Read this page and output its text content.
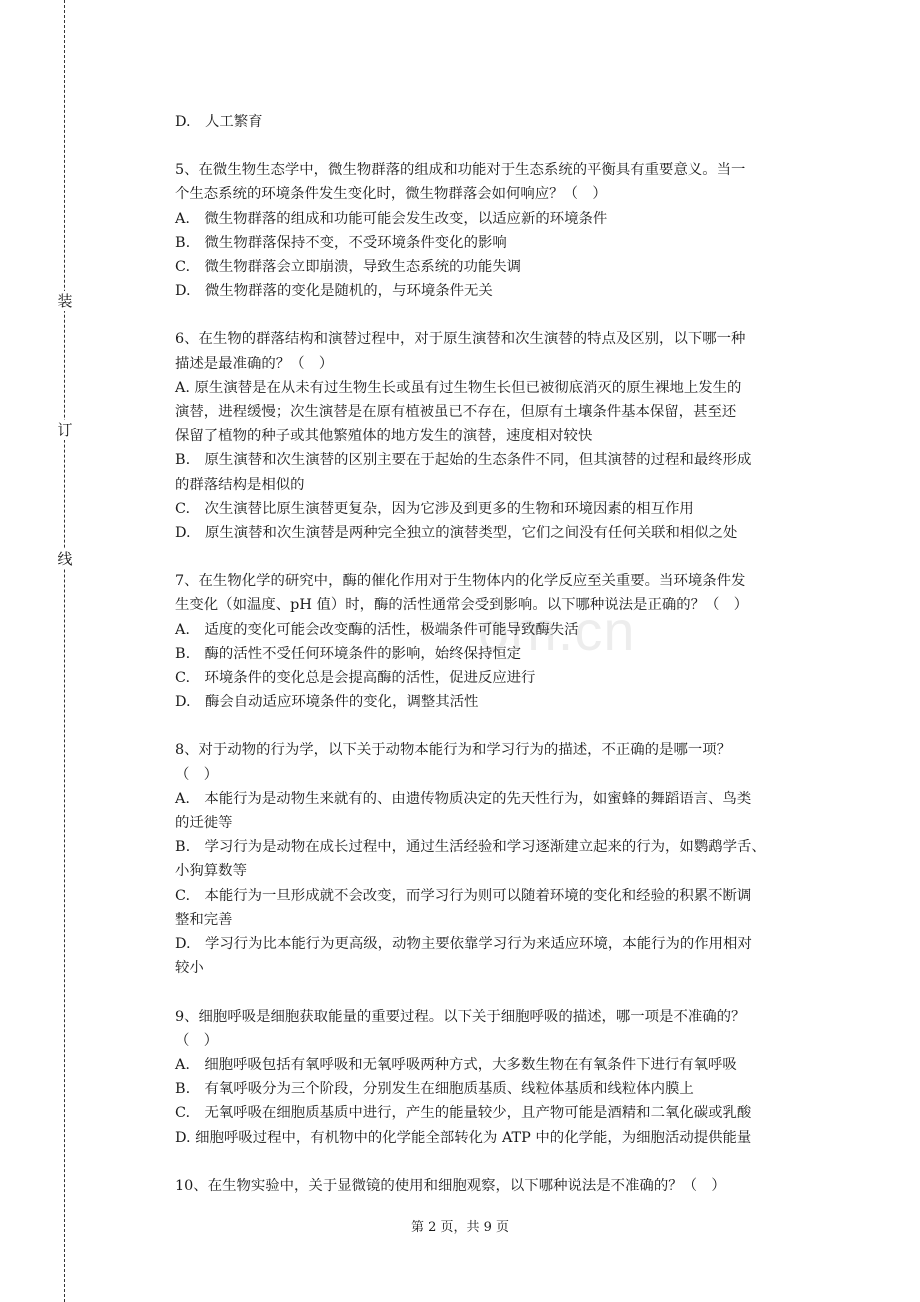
装
订
线
om.cn
D.　人工繁育
5、在微生物生态学中，微生物群落的组成和功能对于生态系统的平衡具有重要意义。当一
个生态系统的环境条件发生变化时，微生物群落会如何响应？（　）
A.　微生物群落的组成和功能可能会发生改变，以适应新的环境条件
B.　微生物群落保持不变，不受环境条件变化的影响
C.　微生物群落会立即崩溃，导致生态系统的功能失调
D.　微生物群落的变化是随机的，与环境条件无关
6、在生物的群落结构和演替过程中，对于原生演替和次生演替的特点及区别，以下哪一种
描述是最准确的？（　）
A. 原生演替是在从未有过生物生长或虽有过生物生长但已被彻底消灭的原生裸地上发生的
演替，进程缓慢；次生演替是在原有植被虽已不存在，但原有土壤条件基本保留，甚至还
保留了植物的种子或其他繁殖体的地方发生的演替，速度相对较快
B.　原生演替和次生演替的区别主要在于起始的生态条件不同，但其演替的过程和最终形成
的群落结构是相似的
C.　次生演替比原生演替更复杂，因为它涉及到更多的生物和环境因素的相互作用
D.　原生演替和次生演替是两种完全独立的演替类型，它们之间没有任何关联和相似之处
7、在生物化学的研究中，酶的催化作用对于生物体内的化学反应至关重要。当环境条件发
生变化（如温度、pH 值）时，酶的活性通常会受到影响。以下哪种说法是正确的？（　）
A.　适度的变化可能会改变酶的活性，极端条件可能导致酶失活
B.　酶的活性不受任何环境条件的影响，始终保持恒定
C.　环境条件的变化总是会提高酶的活性，促进反应进行
D.　酶会自动适应环境条件的变化，调整其活性
8、对于动物的行为学，以下关于动物本能行为和学习行为的描述，不正确的是哪一项？
（　）
A.　本能行为是动物生来就有的、由遗传物质决定的先天性行为，如蜜蜂的舞蹈语言、鸟类
的迁徙等
B.　学习行为是动物在成长过程中，通过生活经验和学习逐渐建立起来的行为，如鹦鹉学舌、
小狗算数等
C.　本能行为一旦形成就不会改变，而学习行为则可以随着环境的变化和经验的积累不断调
整和完善
D.　学习行为比本能行为更高级，动物主要依靠学习行为来适应环境，本能行为的作用相对
较小
9、细胞呼吸是细胞获取能量的重要过程。以下关于细胞呼吸的描述，哪一项是不准确的？
（　）
A.　细胞呼吸包括有氧呼吸和无氧呼吸两种方式，大多数生物在有氧条件下进行有氧呼吸
B.　有氧呼吸分为三个阶段，分别发生在细胞质基质、线粒体基质和线粒体内膜上
C.　无氧呼吸在细胞质基质中进行，产生的能量较少，且产物可能是酒精和二氧化碳或乳酸
D. 细胞呼吸过程中，有机物中的化学能全部转化为 ATP 中的化学能，为细胞活动提供能量
10、在生物实验中，关于显微镜的使用和细胞观察，以下哪种说法是不准确的？（　）
第 2 页，共 9 页
